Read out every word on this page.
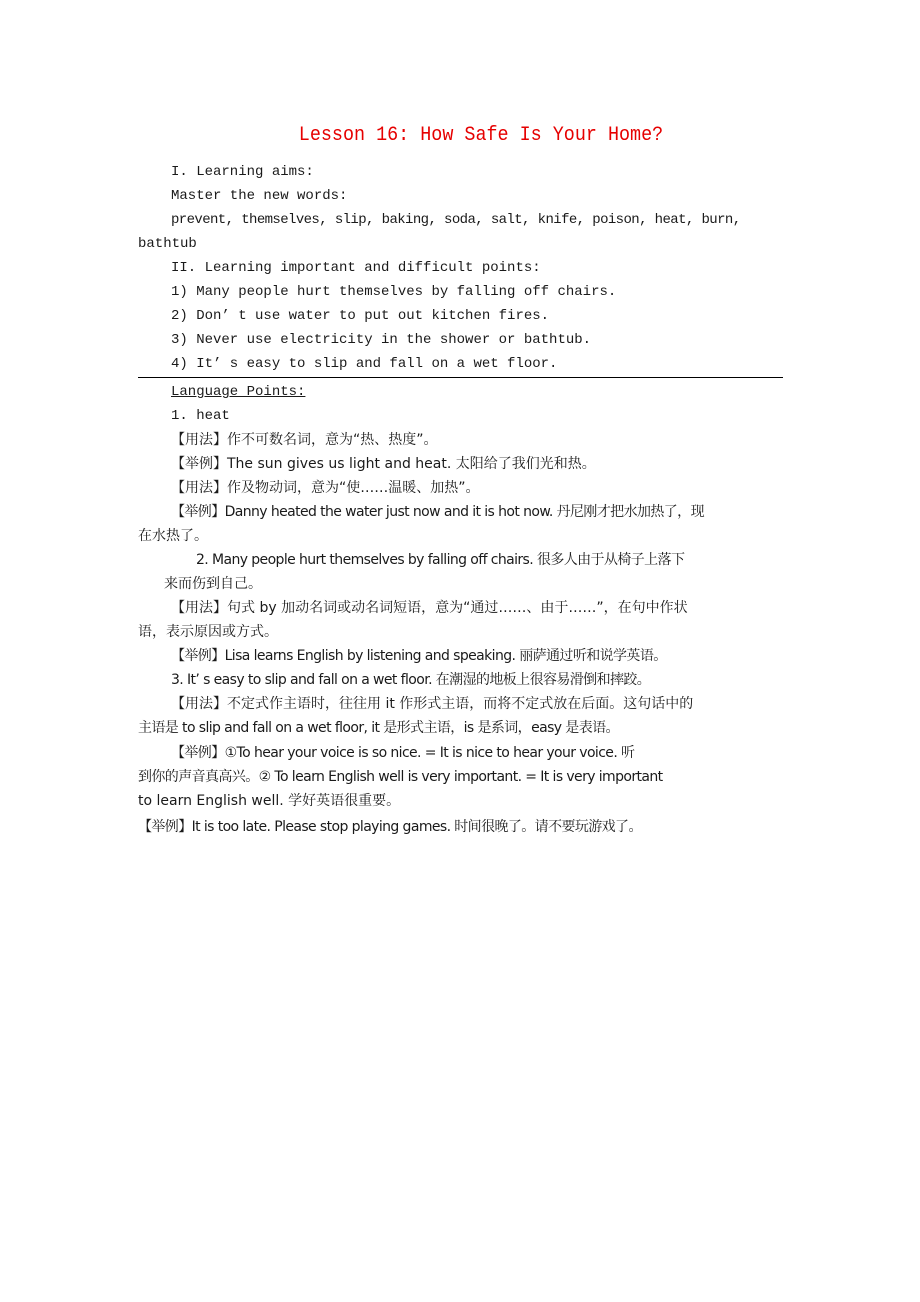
Lesson 16: How Safe Is Your Home?
I. Learning aims:
Master the new words:
prevent, themselves, slip, baking, soda, salt, knife, poison, heat, burn,
bathtub
II. Learning important and difficult points:
1) Many people hurt themselves by falling off chairs.
2) Don’ t use water to put out kitchen fires.
3) Never use electricity in the shower or bathtub.
4) It’ s easy to slip and fall on a wet floor.
Language Points:
1. heat
【用法】作不可数名词，意为“热、热度”。
【举例】The sun gives us light and heat. 太阳给了我们光和热。
【用法】作及物动词，意为“使……温暖、加热”。
【举例】Danny heated the water just now and it is hot now. 丹尼刚才把水加热了，现
在水热了。
2. Many people hurt themselves by falling off chairs. 很多人由于从椅子上落下
来而伤到自己。
【用法】句式 by 加动名词或动名词短语，意为“通过……、由于……”，在句中作状
语，表示原因或方式。
【举例】Lisa learns English by listening and speaking. 丽萨通过听和说学英语。
3. It’ s easy to slip and fall on a wet floor. 在潮湿的地板上很容易滑倒和摔跤。
【用法】不定式作主语时，往往用 it 作形式主语，而将不定式放在后面。这句话中的
主语是 to slip and fall on a wet floor, it 是形式主语，is 是系词，easy 是表语。
【举例】①To hear your voice is so nice. = It is nice to hear your voice. 听
到你的声音真高兴。② To learn English well is very important. = It is very important
to learn English well. 学好英语很重要。
【举例】It is too late. Please stop playing games. 时间很晚了。请不要玩游戏了。
